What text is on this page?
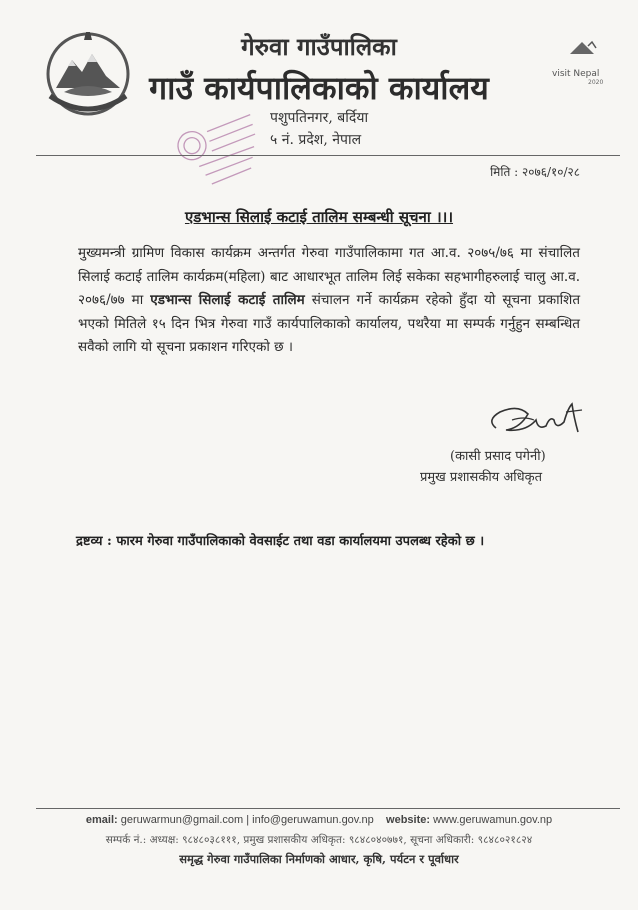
visit Nepal
2020
गेरुवा गाउँपालिका
गाउँ कार्यपालिकाको कार्यालय
पशुपतिनगर, बर्दिया
५ नं. प्रदेश, नेपाल
मिति : २०७६/१०/२८
एडभान्स सिलाई कटाई तालिम सम्बन्धी सूचना ।।।
मुख्यमन्त्री ग्रामिण विकास कार्यक्रम अन्तर्गत गेरुवा गाउँपालिकामा गत आ.व. २०७५/७६ मा संचालित सिलाई कटाई तालिम कार्यक्रम(महिला) बाट आधारभूत तालिम लिई सकेका सहभागीहरुलाई चालु आ.व. २०७६/७७ मा एडभान्स सिलाई कटाई तालिम संचालन गर्ने कार्यक्रम रहेको हुँदा यो सूचना प्रकाशित भएको मितिले १५ दिन भित्र गेरुवा गाउँ कार्यपालिकाको कार्यालय, पथरैया मा सम्पर्क गर्नुहुन सम्बन्धित सवैको लागि यो सूचना प्रकाशन गरिएको छ ।
(कासी प्रसाद पगेनी)
प्रमुख प्रशासकीय अधिकृत
द्रष्टव्य : फारम गेरुवा गाउँपालिकाको वेवसाईट तथा वडा कार्यालयमा उपलब्ध रहेको छ ।
email: geruwarmun@gmail.com | info@geruwamun.gov.np website: www.geruwamun.gov.np
सम्पर्क नं.: अध्यक्ष: ९८४८०३८१११, प्रमुख प्रशासकीय अधिकृत: ९८४८०४०७७१, सूचना अधिकारी: ९८४८०२१८२४
समृद्ध गेरुवा गाउँपालिका निर्माणको आधार, कृषि, पर्यटन र पूर्वाधार
